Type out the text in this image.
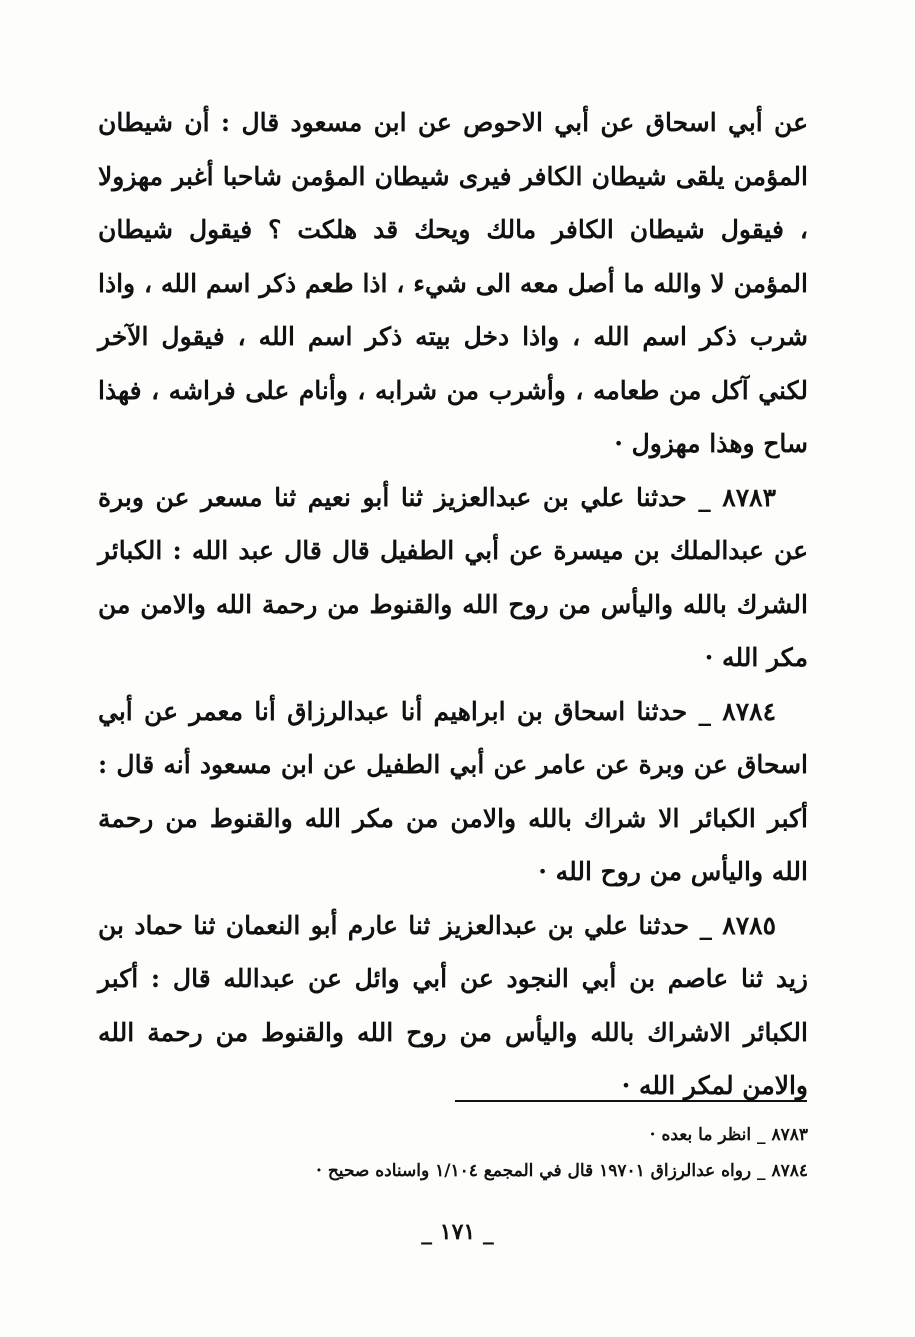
عن أبي اسحاق عن أبي الاحوص عن ابن مسعود قال : أن شيطان المؤمن يلقى شيطان الكافر فيرى شيطان المؤمن شاحبا أغبر مهزولا ، فيقول شيطان الكافر مالك ويحك قد هلكت ؟ فيقول شيطان المؤمن لا والله ما أصل معه الى شيء ، اذا طعم ذكر اسم الله ، واذا شرب ذكر اسم الله ، واذا دخل بيته ذكر اسم الله ، فيقول الآخر لكني آكل من طعامه ، وأشرب من شرابه ، وأنام على فراشه ، فهذا ساح وهذا مهزول ·

٨٧٨٣ _ حدثنا علي بن عبدالعزيز ثنا أبو نعيم ثنا مسعر عن وبرة عن عبدالملك بن ميسرة عن أبي الطفيل قال قال عبد الله : الكبائر الشرك بالله واليأس من روح الله والقنوط من رحمة الله والامن من مكر الله ·

٨٧٨٤ _ حدثنا اسحاق بن ابراهيم أنا عبدالرزاق أنا معمر عن أبي اسحاق عن وبرة عن عامر عن أبي الطفيل عن ابن مسعود أنه قال : أكبر الكبائر الا شراك بالله والامن من مكر الله والقنوط من رحمة الله واليأس من روح الله ·

٨٧٨٥ _ حدثنا علي بن عبدالعزيز ثنا عارم أبو النعمان ثنا حماد بن زيد ثنا عاصم بن أبي النجود عن أبي وائل عن عبدالله قال : أكبر الكبائر الاشراك بالله واليأس من روح الله والقنوط من رحمة الله والامن لمكر الله ·

٨٧٨٣ _ انظر ما بعده ·

٨٧٨٤ _ رواه عدالرزاق ١٩٧٠١ قال في المجمع ١/١٠٤ واسناده صحيح ·

_ ١٧١ _
